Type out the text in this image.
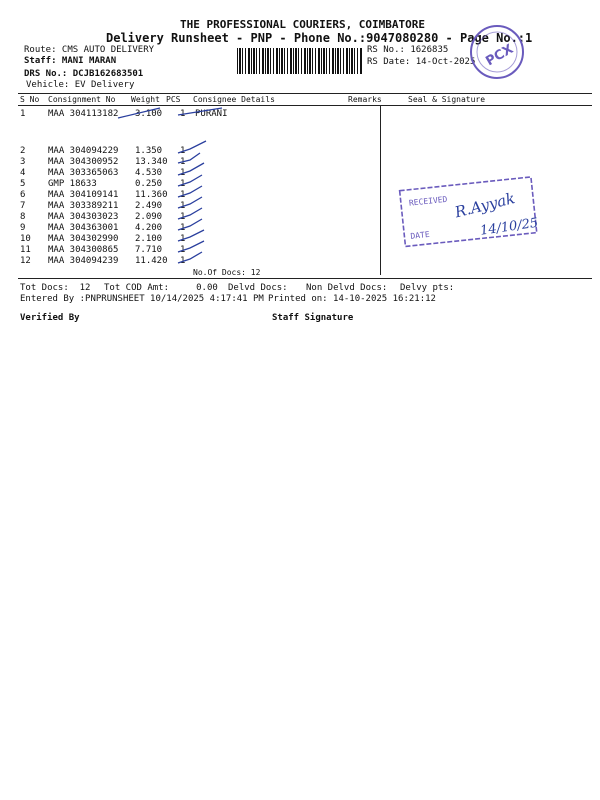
THE PROFESSIONAL COURIERS, COIMBATORE
Delivery Runsheet - PNP - Phone No.:9047080280 - Page No.:1
Route: CMS AUTO DELIVERY
Staff: MANI MARAN
DRS No.: DCJB162683501
Vehicle: EV Delivery
RS No.: 1626835
RS Date: 14-Oct-2025
S No Consignment No Weight PCS Consignee Details	Remarks	Seal & Signature
1	MAA 304113182 3.100 1 PURANI
2	MAA 304094229 1.350 1
3	MAA 304300952 13.340 1
4	MAA 303365063 4.530 1
5	GMP 18633	0.250 1
6	MAA 304109141 11.360 1
7	MAA 303389211 2.490 1
8	MAA 304303023 2.090 1
9	MAA 304363001 4.200 1
10 MAA 304302990 2.100 1
11 MAA 304300865 7.710 1
12 MAA 304094239 11.420 1
No.Of Docs: 12
Tot Docs:  12 Tot COD Amt:     0.00 Delvd Docs: Non Delvd Docs: Delvy pts:
Entered By :PNPRUNSHEET 10/14/2025 4:17:41 PM Printed on: 14-10-2025 16:21:12
Verified By	Staff Signature
PCX
RECEIVED
DATE
R.Ayyak
14/10/25
